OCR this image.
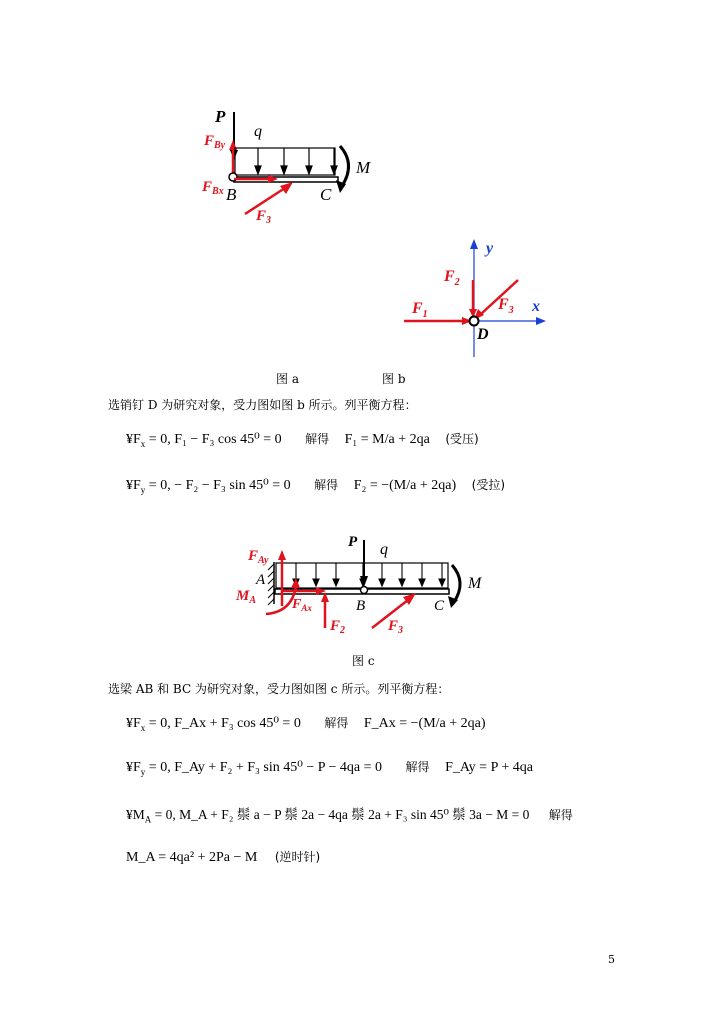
P
$F_{By}$
q
M
$F_{Bx}$ B	C
$F_3$
y
x
$F_1$
$F_2$
$F_3$
D
图 a	图 b
选销钉 D 为研究对象，受力图如图 b 所示。列平衡方程：
$¥F_x = 0$, F₁ − F₃ cos 45⁰ = 0 解得 F₁ = M/a + 2qa (受压)
$¥F_y = 0$, − F₂ − F₃ sin 45⁰ = 0 解得 F₂ = −(M/a + 2qa) (受拉)
q
P
M
$F_{Ay}$
A
$M_A$	$F_{Ax}$
$F_2$
B
$F_3$
C
图 c
选梁 AB 和 BC 为研究对象，受力图如图 c 所示。列平衡方程：
$¥F_x = 0$, F_Ax + F₃ cos 45⁰ = 0 解得 F_Ax = −(M/a + 2qa)
$¥F_y = 0$, F_Ay + F₂ + F₃ sin 45⁰ − P − 4qa = 0 解得 F_Ay = P + 4qa
$¥M_A = 0$, M_A + F₂ 鬃 a − P 鬃 2a − 4qa 鬃 2a + F₃ sin 45⁰ 鬃 3a − M = 0 解得
M_A = 4qa² + 2Pa − M (逆时针)
5
